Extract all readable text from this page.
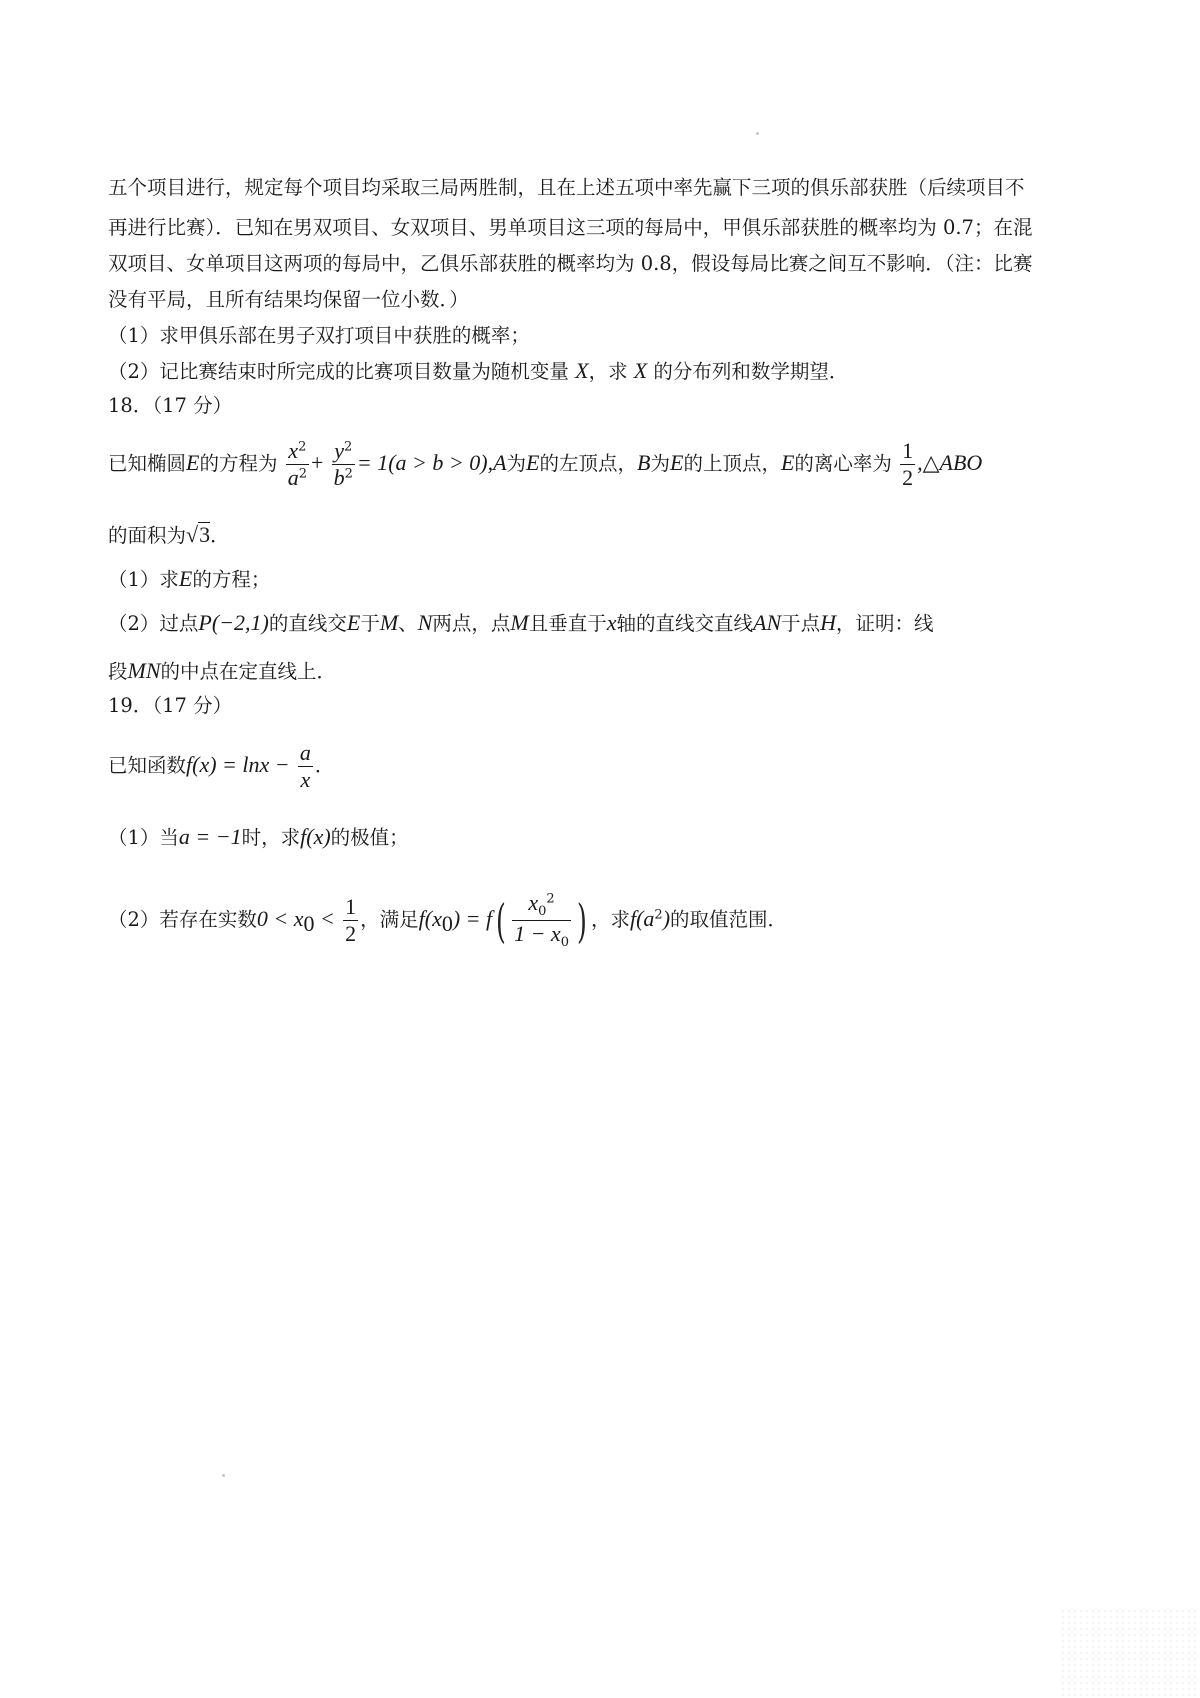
五个项目进行，规定每个项目均采取三局两胜制，且在上述五项中率先赢下三项的俱乐部获胜（后续项目不
再进行比赛）．已知在男双项目、女双项目、男单项目这三项的每局中，甲俱乐部获胜的概率均为 0.7；在混
双项目、女单项目这两项的每局中，乙俱乐部获胜的概率均为 0.8，假设每局比赛之间互不影响．（注：比赛
没有平局，且所有结果均保留一位小数．）
（1）求甲俱乐部在男子双打项目中获胜的概率；
（2）记比赛结束时所完成的比赛项目数量为随机变量 X，求 X 的分布列和数学期望．
18．（17 分）
已知椭圆E的方程为 $\frac{x^2}{a^2} + \frac{y^2}{b^2} = 1(a > b > 0),A$为E的左顶点，B为E的上顶点，E的离心率为 $\frac{1}{2}$ ,△ABO
的面积为√3．
（1）求E的方程；
（2）过点P(−2,1)的直线交E于M、N两点，点M且垂直于x轴的直线交直线AN于点H，证明：线
段MN的中点在定直线上．
19．（17 分）
已知函数$f(x) = \ln x - \frac{a}{x}$ ．
（1）当a = −1时，求f(x)的极值；
（2）若存在实数$0 < x_0 < \frac{1}{2}$ ，满足$f(x_0) = f( \frac{x_0^2}{1 - x_0}$ ) ，求$f(a^2)$的取值范围．
